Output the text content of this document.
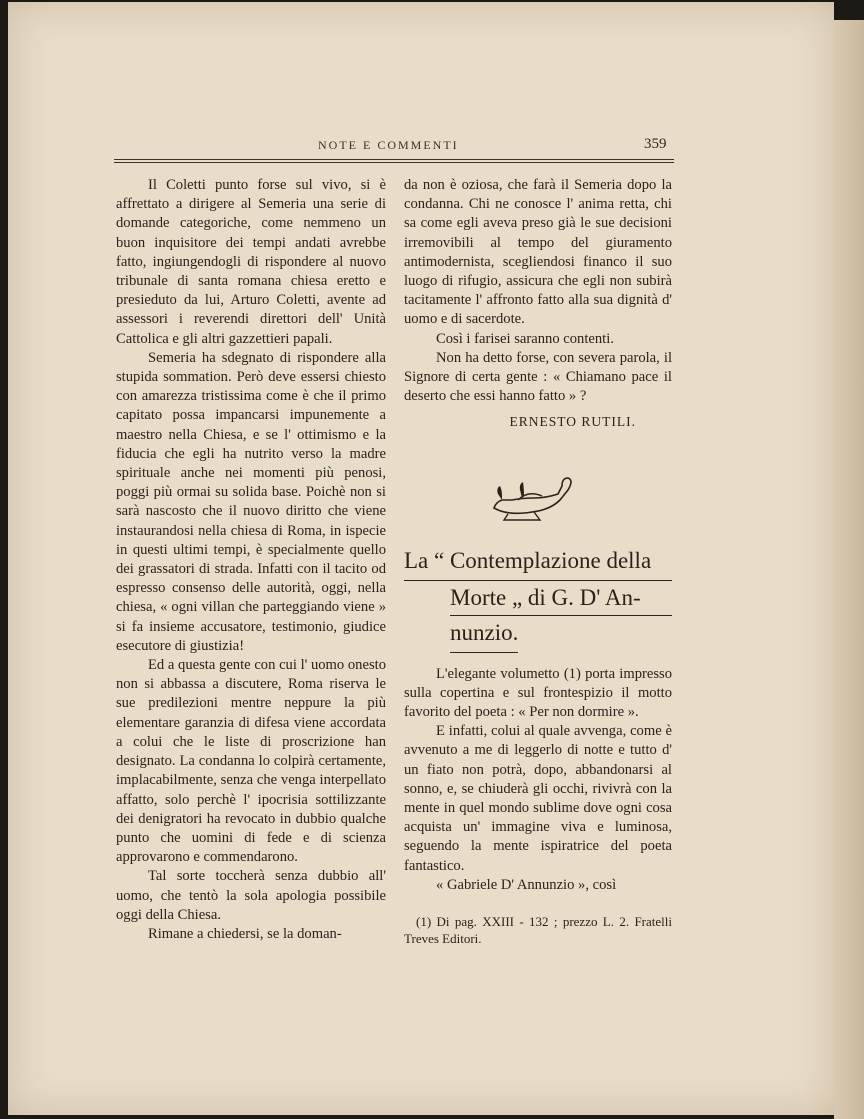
NOTE E COMMENTI	359

Il Coletti punto forse sul vivo, si è affrettato a dirigere al Semeria una serie di domande categoriche, come nemmeno un buon inquisitore dei tempi andati avrebbe fatto, ingiungendogli di rispondere al nuovo tribunale di santa romana chiesa eretto e presieduto da lui, Arturo Coletti, avente ad assessori i reverendi direttori dell' Unità Cattolica e gli altri gazzettieri papali.

Semeria ha sdegnato di rispondere alla stupida sommation. Però deve essersi chiesto con amarezza tristissima come è che il primo capitato possa impancarsi impunemente a maestro nella Chiesa, e se l' ottimismo e la fiducia che egli ha nutrito verso la madre spirituale anche nei momenti più penosi, poggi più ormai su solida base. Poichè non si sarà nascosto che il nuovo diritto che viene instaurandosi nella chiesa di Roma, in ispecie in questi ultimi tempi, è specialmente quello dei grassatori di strada. Infatti con il tacito od espresso consenso delle autorità, oggi, nella chiesa, « ogni villan che parteggiando viene » si fa insieme accusatore, testimonio, giudice esecutore di giustizia!

Ed a questa gente con cui l' uomo onesto non si abbassa a discutere, Roma riserva le sue predilezioni mentre neppure la più elementare garanzia di difesa viene accordata a colui che le liste di proscrizione han designato. La condanna lo colpirà certamente, implacabilmente, senza che venga interpellato affatto, solo perchè l' ipocrisia sottilizzante dei denigratori ha revocato in dubbio qualche punto che uomini di fede e di scienza approvarono e commendarono.

Tal sorte toccherà senza dubbio all' uomo, che tentò la sola apologia possibile oggi della Chiesa.

Rimane a chiedersi, se la doman-

da non è oziosa, che farà il Semeria dopo la condanna. Chi ne conosce l' anima retta, chi sa come egli aveva preso già le sue decisioni irremovibili al tempo del giuramento antimodernista, scegliendosi financo il suo luogo di rifugio, assicura che egli non subirà tacitamente l' affronto fatto alla sua dignità d' uomo e di sacerdote.

Così i farisei saranno contenti.

Non ha detto forse, con severa parola, il Signore di certa gente : « Chiamano pace il deserto che essi hanno fatto » ?

ERNESTO RUTILI.
La “ Contemplazione della
Morte „ di G. D' An-
nunzio.

L'elegante volumetto (1) porta impresso sulla copertina e sul frontespizio il motto favorito del poeta : « Per non dormire ».

E infatti, colui al quale avvenga, come è avvenuto a me di leggerlo di notte e tutto d' un fiato non potrà, dopo, abbandonarsi al sonno, e, se chiuderà gli occhi, rivivrà con la mente in quel mondo sublime dove ogni cosa acquista un' immagine viva e luminosa, seguendo la mente ispiratrice del poeta fantastico.

« Gabriele D' Annunzio », così

(1) Di pag. XXIII - 132 ; prezzo L. 2. Fratelli Treves Editori.
